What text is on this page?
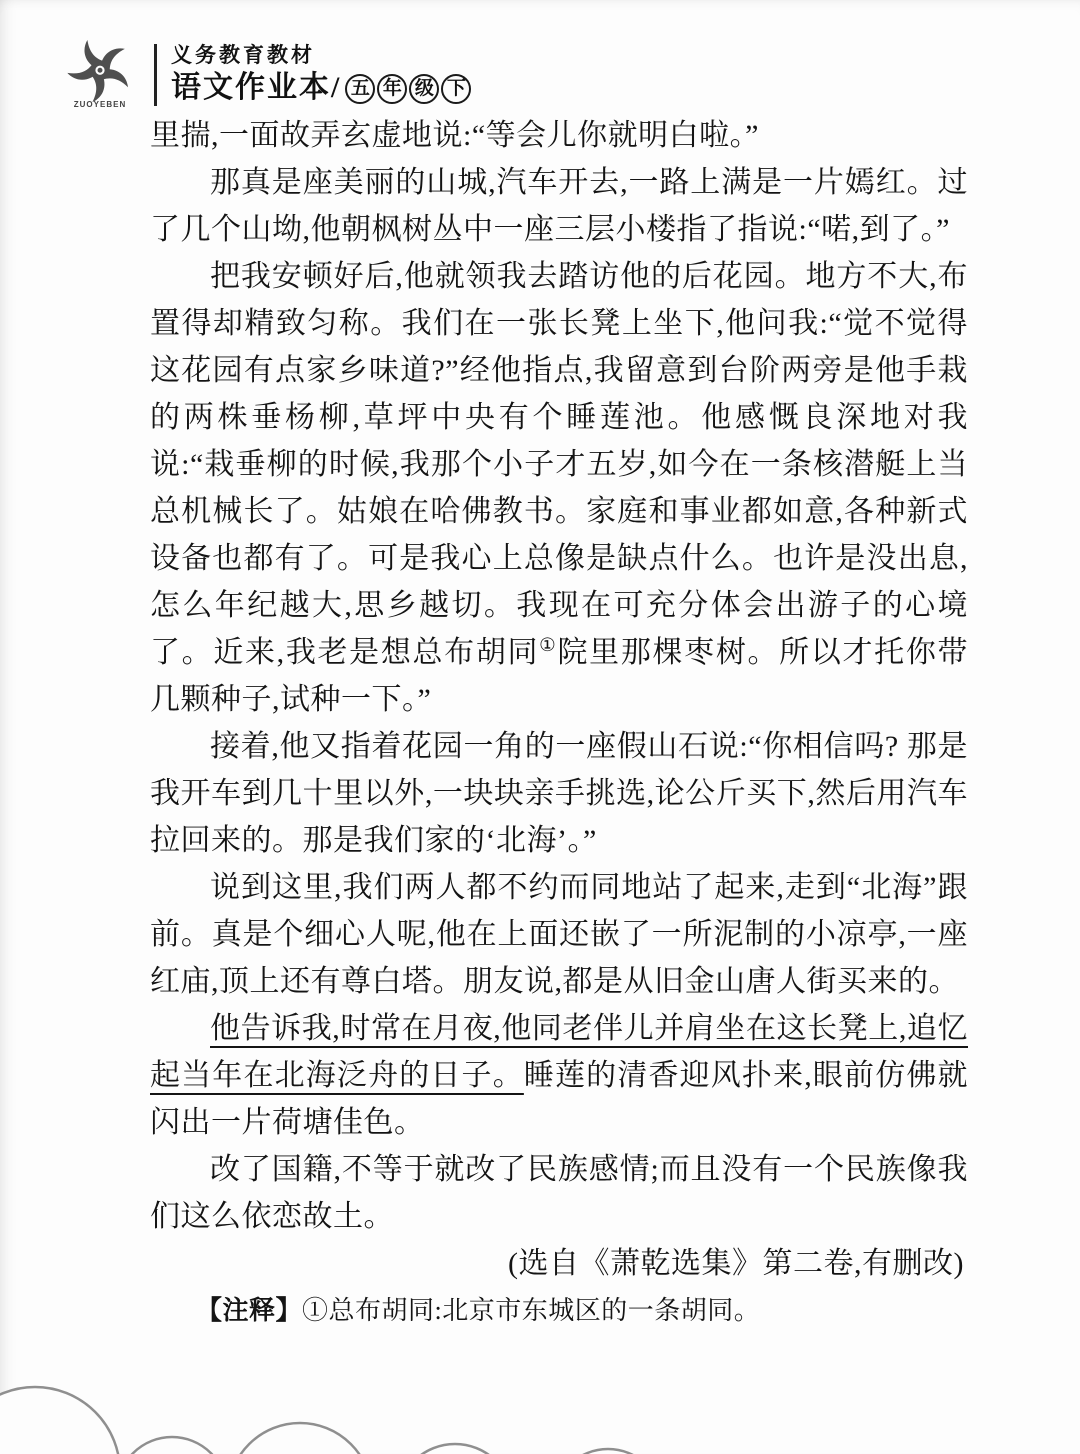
ZUOYEBEN
义务教育教材
语文作业本/ 五 年 级 下

里揣,一面故弄玄虚地说:“等会儿你就明白啦。”

那真是座美丽的山城,汽车开去,一路上满是一片嫣红。过了几个山坳,他朝枫树丛中一座三层小楼指了指说:“喏,到了。”

把我安顿好后,他就领我去踏访他的后花园。地方不大,布置得却精致匀称。我们在一张长凳上坐下,他问我:“觉不觉得这花园有点家乡味道?”经他指点,我留意到台阶两旁是他手栽的两株垂杨柳,草坪中央有个睡莲池。他感慨良深地对我说:“栽垂柳的时候,我那个小子才五岁,如今在一条核潜艇上当总机械长了。姑娘在哈佛教书。家庭和事业都如意,各种新式设备也都有了。可是我心上总像是缺点什么。也许是没出息,怎么年纪越大,思乡越切。我现在可充分体会出游子的心境了。近来,我老是想总布胡同①院里那棵枣树。所以才托你带几颗种子,试种一下。”

接着,他又指着花园一角的一座假山石说:“你相信吗? 那是我开车到几十里以外,一块块亲手挑选,论公斤买下,然后用汽车拉回来的。那是我们家的‘北海’。”

说到这里,我们两人都不约而同地站了起来,走到“北海”跟前。真是个细心人呢,他在上面还嵌了一所泥制的小凉亭,一座红庙,顶上还有尊白塔。朋友说,都是从旧金山唐人街买来的。

他告诉我,时常在月夜,他同老伴儿并肩坐在这长凳上,追忆起当年在北海泛舟的日子。睡莲的清香迎风扑来,眼前仿佛就闪出一片荷塘佳色。

改了国籍,不等于就改了民族感情;而且没有一个民族像我们这么依恋故土。

(选自《萧乾选集》第二卷,有删改)

【注释】①总布胡同:北京市东城区的一条胡同。
